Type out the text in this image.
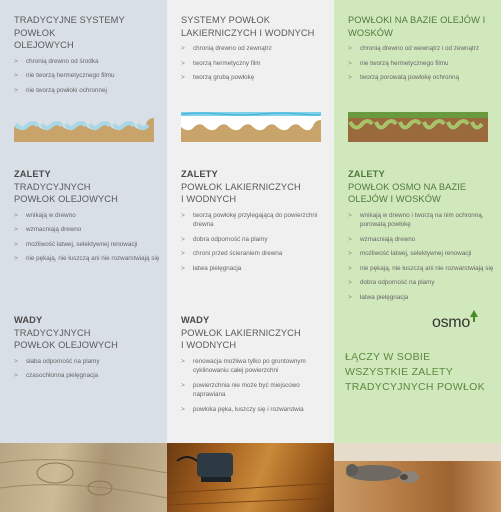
TRADYCYJNE SYSTEMY POWŁOK
OLEJOWYCH
> chronią drewno od środka
> nie tworzą hermetycznego filmu
> nie tworzą powłoki ochronnej
ZALETY
TRADYCYJNYCH POWŁOK OLEJOWYCH
> wnikają w drewno
> wzmacniają drewno
> możliwość łatwej, selektywnej renowacji
> nie pękają, nie łuszczą ani nie rozwarstwiają się
WADY
TRADYCYJNYCH POWŁOK OLEJOWYCH
> słaba odporność na plamy
> czasochłonna pielęgnacja
SYSTEMY POWŁOK
LAKIERNICZYCH I WODNYCH
> chronią drewno od zewnątrz
> tworzą hermetyczny film
> tworzą grubą powłokę
ZALETY
POWŁOK LAKIERNICZYCH I WODNYCH
> tworzą powłokę przylegającą do powierzchni drewna
> dobra odporność na plamy
> chroni przed ścieraniem drewna
> łatwa pielęgnacja
WADY
POWŁOK LAKIERNICZYCH I WODNYCH
> renowacja możliwa tylko po gruntownym cyklinowaniu całej powierzchni
> powierzchnia nie może być miejscowo naprawiana
> powłoka pęka, łuszczy się i rozwarstwia
POWŁOKI NA BAZIE OLEJÓW I
WOSKÓW
> chronią drewno od wewnątrz i od zewnątrz
> nie tworzą hermetycznego filmu
> tworzą porowatą powłokę ochronną
ZALETY
POWŁOK OSMO NA BAZIE OLEJÓW I WOSKÓW
> wnikają w drewno i tworzą na nim ochronną, porowatą powłokę
> wzmacniają drewno
> możliwość łatwej, selektywnej renowacji
> nie pękają, nie łuszczą ani nie rozwarstwiają się
> dobra odporność na plamy
> łatwa pielęgnacja
osmo
ŁĄCZY W SOBIE WSZYSTKIE ZALETY TRADYCYJNYCH POWŁOK
